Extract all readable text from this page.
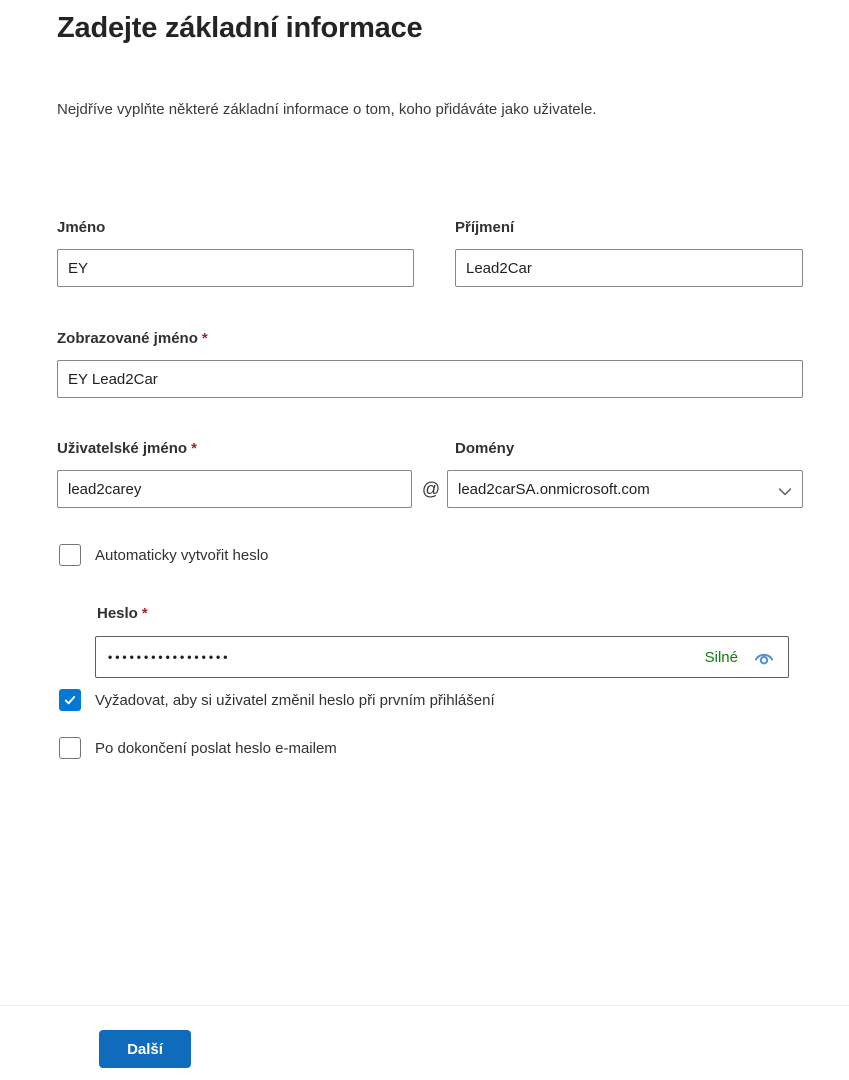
Zadejte základní informace

Nejdříve vyplňte některé základní informace o tom, koho přidáváte jako uživatele.

Jméno
EY	Příjmení
Lead2Car
Zobrazované jméno *
EY Lead2Car
Uživatelské jméno *
lead2carey
@
Domény
lead2carSA.onmicrosoft.com
Automaticky vytvořit heslo
Heslo *
•••••••••••••••••	Silné
Vyžadovat, aby si uživatel změnil heslo při prvním přihlášení
Po dokončení poslat heslo e-mailem
Další
